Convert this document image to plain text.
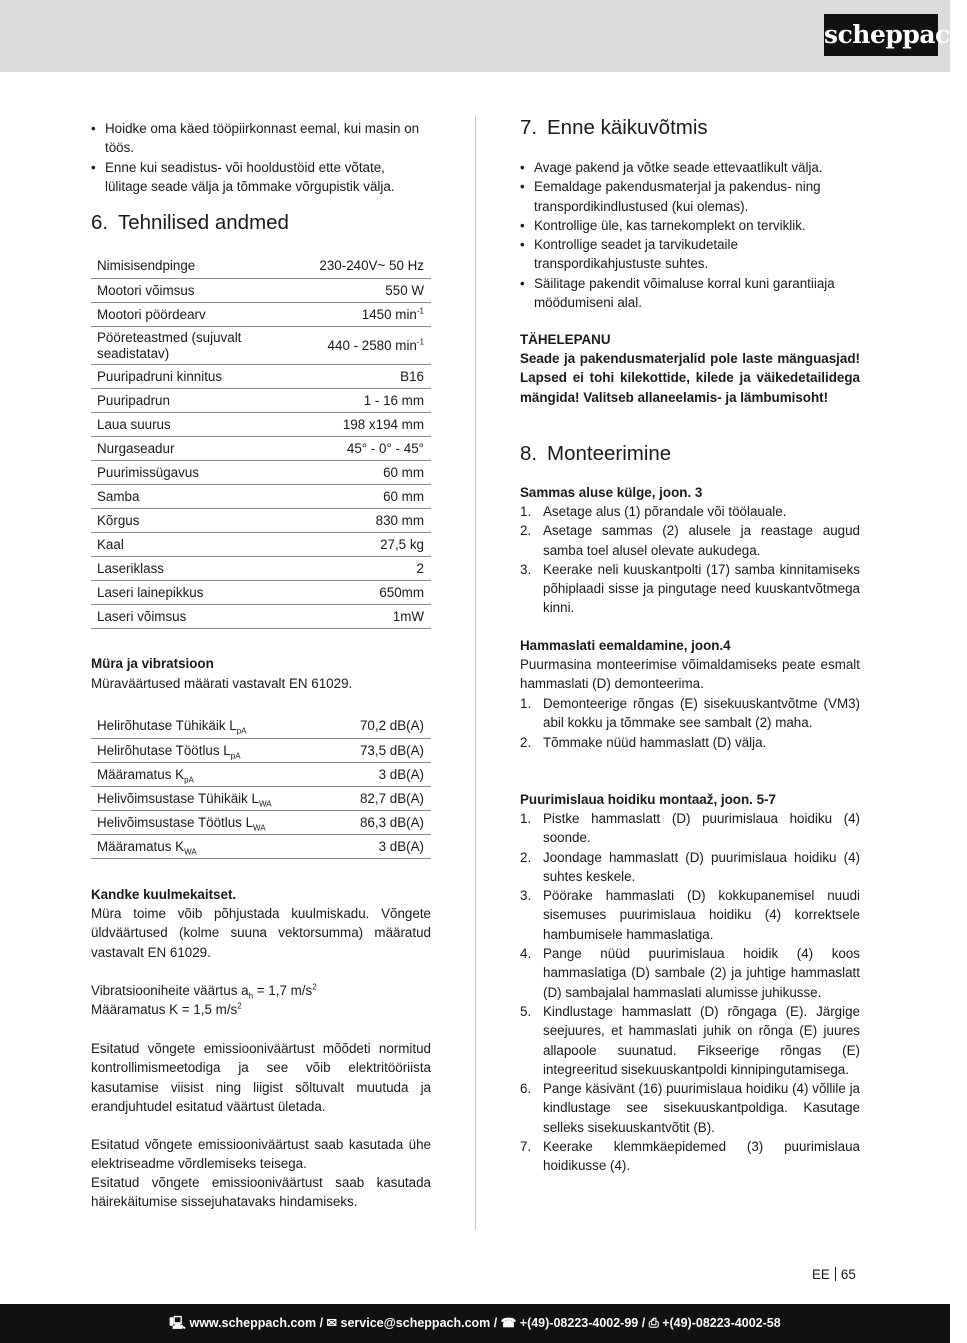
scheppach
• Hoidke oma käed tööpiirkonnast eemal, kui masin on töös.
• Enne kui seadistus- või hooldustöid ette võtate, lülitage seade välja ja tõmmake võrgupistik välja.
6. Tehnilised andmed
Nimisisendpinge	230-240V~ 50 Hz
Mootori võimsus	550 W
Mootori pöördearv	1450 $\min^{-1}$
Pööreteastmed (sujuvalt seadistatav)	440 - 2580 $\min^{-1}$
Puuripadruni kinnitus	B16
Puuripadrun	1 - 16 mm
Laua suurus	198 x194 mm
Nurgaseadur	45° - 0° - 45°
Puurimissügavus	60 mm
Samba	60 mm
Kõrgus	830 mm
Kaal	27,5 kg
Laseriklass	2
Laseri lainepikkus	650mm
Laseri võimsus	1mW
Müra ja vibratsioon
Müraväärtused määrati vastavalt EN 61029.
Helirõhutase Tühikäik $L_{pA}$	70,2 dB(A)
Helirõhutase Töötlus $L_{pA}$	73,5 dB(A)
Määramatus $K_{pA}$	3 dB(A)
Helivõimsustase Tühikäik $L_{WA}$	82,7 dB(A)
Helivõimsustase Töötlus $L_{WA}$	86,3 dB(A)
Määramatus $K_{WA}$	3 dB(A)
Kandke kuulmekaitset.
Müra toime võib põhjustada kuulmiskadu. Võngete üldväärtused (kolme suuna vektorsumma) määratud vastavalt EN 61029.
Vibratsiooniheite väärtus $a_h = 1,7$ $m/s^2$
Määramatus K = 1,5 $m/s^2$
Esitatud võngete emissiooniväärtust mõõdeti normitud kontrollimismeetodiga ja see võib elektritööriista kasutamise viisist ning liigist sõltuvalt muutuda ja erandjuhtudel esitatud väärtust ületada.
Esitatud võngete emissiooniväärtust saab kasutada ühe elektriseadme võrdlemiseks teisega.
Esitatud võngete emissiooniväärtust saab kasutada häirekäitumise sissejuhatavaks hindamiseks.
7. Enne käikuvõtmis
• Avage pakend ja võtke seade ettevaatlikult välja.
• Eemaldage pakendusmaterjal ja pakendus- ning transpordikindlustused (kui olemas).
• Kontrollige üle, kas tarnekomplekt on terviklik.
• Kontrollige seadet ja tarvikudetaile transpordikahjustuste suhtes.
• Säilitage pakendit võimaluse korral kuni garantiiaja möödumiseni alal.
TÄHELEPANU
Seade ja pakendusmaterjalid pole laste mänguasjad! Lapsed ei tohi kilekottide, kilede ja väikedetailidega mängida! Valitseb allaneelamis- ja lämbumisoht!
8. Monteerimine
Sammas aluse külge, joon. 3
1. Asetage alus (1) põrandale või töölauale.
2. Asetage sammas (2) alusele ja reastage augud samba toel alusel olevate aukudega.
3. Keerake neli kuuskantpolti (17) samba kinnitamiseks põhiplaadi sisse ja pingutage need kuuskantvõtmega kinni.
Hammaslati eemaldamine, joon.4
Puurmasina monteerimise võimaldamiseks peate esmalt hammaslati (D) demonteerima.
1. Demonteerige rõngas (E) sisekuuskantvõtme (VM3) abil kokku ja tõmmake see sambalt (2) maha.
2. Tõmmake nüüd hammaslatt (D) välja.
Puurimislaua hoidiku montaaž, joon. 5-7
1. Pistke hammaslatt (D) puurimislaua hoidiku (4) soonde.
2. Joondage hammaslatt (D) puurimislaua hoidiku (4) suhtes keskele.
3. Pöörake hammaslati (D) kokkupanemisel nuudi sisemuses puurimislaua hoidiku (4) korrektsele hambumisele hammaslatiga.
4. Pange nüüd puurimislaua hoidik (4) koos hammaslatiga (D) sambale (2) ja juhtige hammaslatt (D) sambajalal hammaslati alumisse juhikusse.
5. Kindlustage hammaslatt (D) rõngaga (E). Järgige seejuures, et hammaslati juhik on rõnga (E) juures allapoole suunatud. Fikseerige rõngas (E) integreeritud sisekuuskantpoldi kinnipingutamisega.
6. Pange käsivänt (16) puurimislaua hoidiku (4) võllile ja kindlustage see sisekuuskantpoldiga. Kasutage selleks sisekuuskantvõtit (B).
7. Keerake klemmkäepidemed (3) puurimislaua hoidikusse (4).
EE 65
🖳︎ www.scheppach.com / ✉︎ service@scheppach.com / ☎︎ +(49)-08223-4002-99 / ⎙ +(49)-08223-4002-58
